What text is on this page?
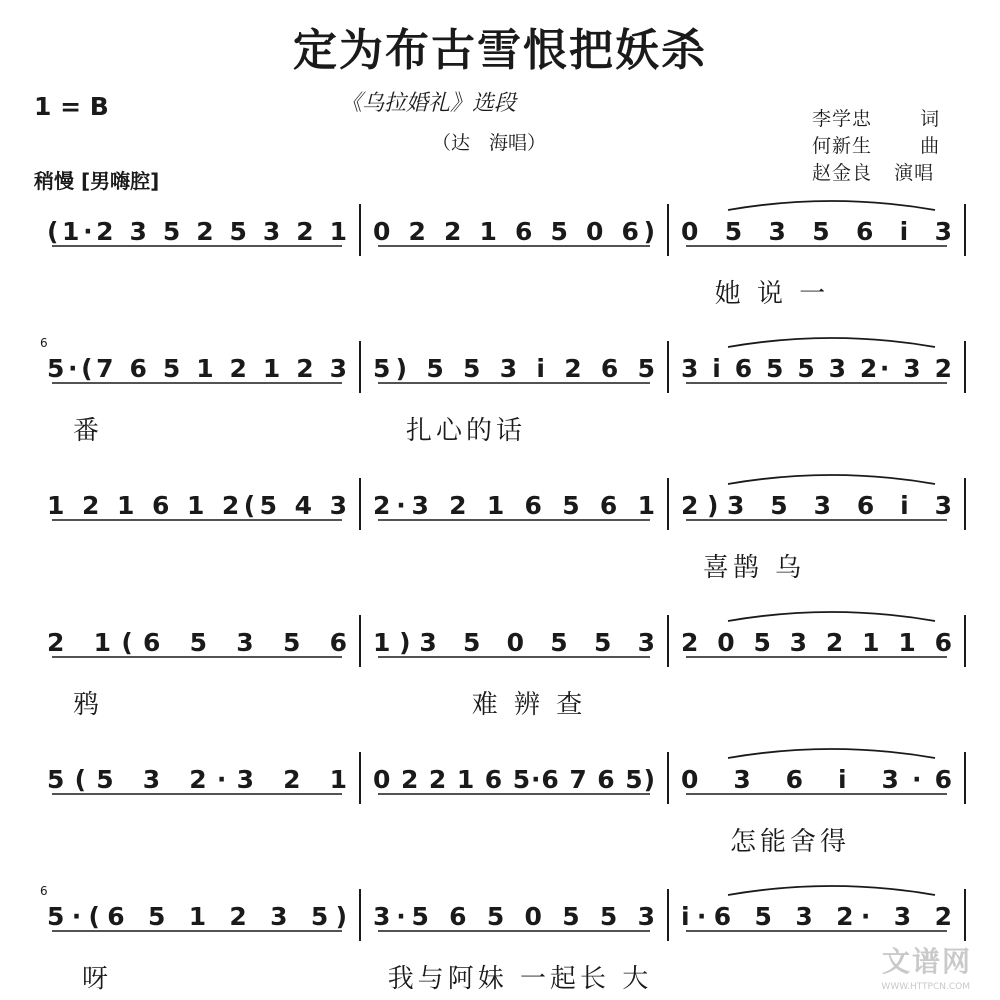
定为布古雪恨把妖杀
1 = B	《乌拉婚礼》选段
（达　海唱）
李学忠	词
何新生	曲
赵金良 演唱
稍慢 [男嗨腔]
(1·2 3 5 2 5 3 2 1 0 2 2 1 6 5 0 6) 0 5 3 5 6 i 3
她 说 一
5·(7 6 5 1 2 1 2 3 5) 5 5 3 i 2 6 5 3 i 6 5 5 3 2· 3 2
番	扎心的话
1 2 1 6 1 2(5 4 3 2·3 2 1 6 5 6 1 2)3 5 3 6 i 3
喜鹊 乌
2 1(6 5 3 5 6 1)3 5 0 5 5 3 2 0 5 3 2 1 1 6
鸦	难 辨 查
5(5 3 2·3 2 1 0 2 2 1 6 5·6 7 6 5) 0 3 6 i 3·6
怎能舍得
5·(6 5 1 2 3 5) 3·5 6 5 0 5 5 3 i·6 5 3 2· 3 2
呀	我与阿妹 一起长 大
6
6
文谱网
WWW.HTTPCN.COM
